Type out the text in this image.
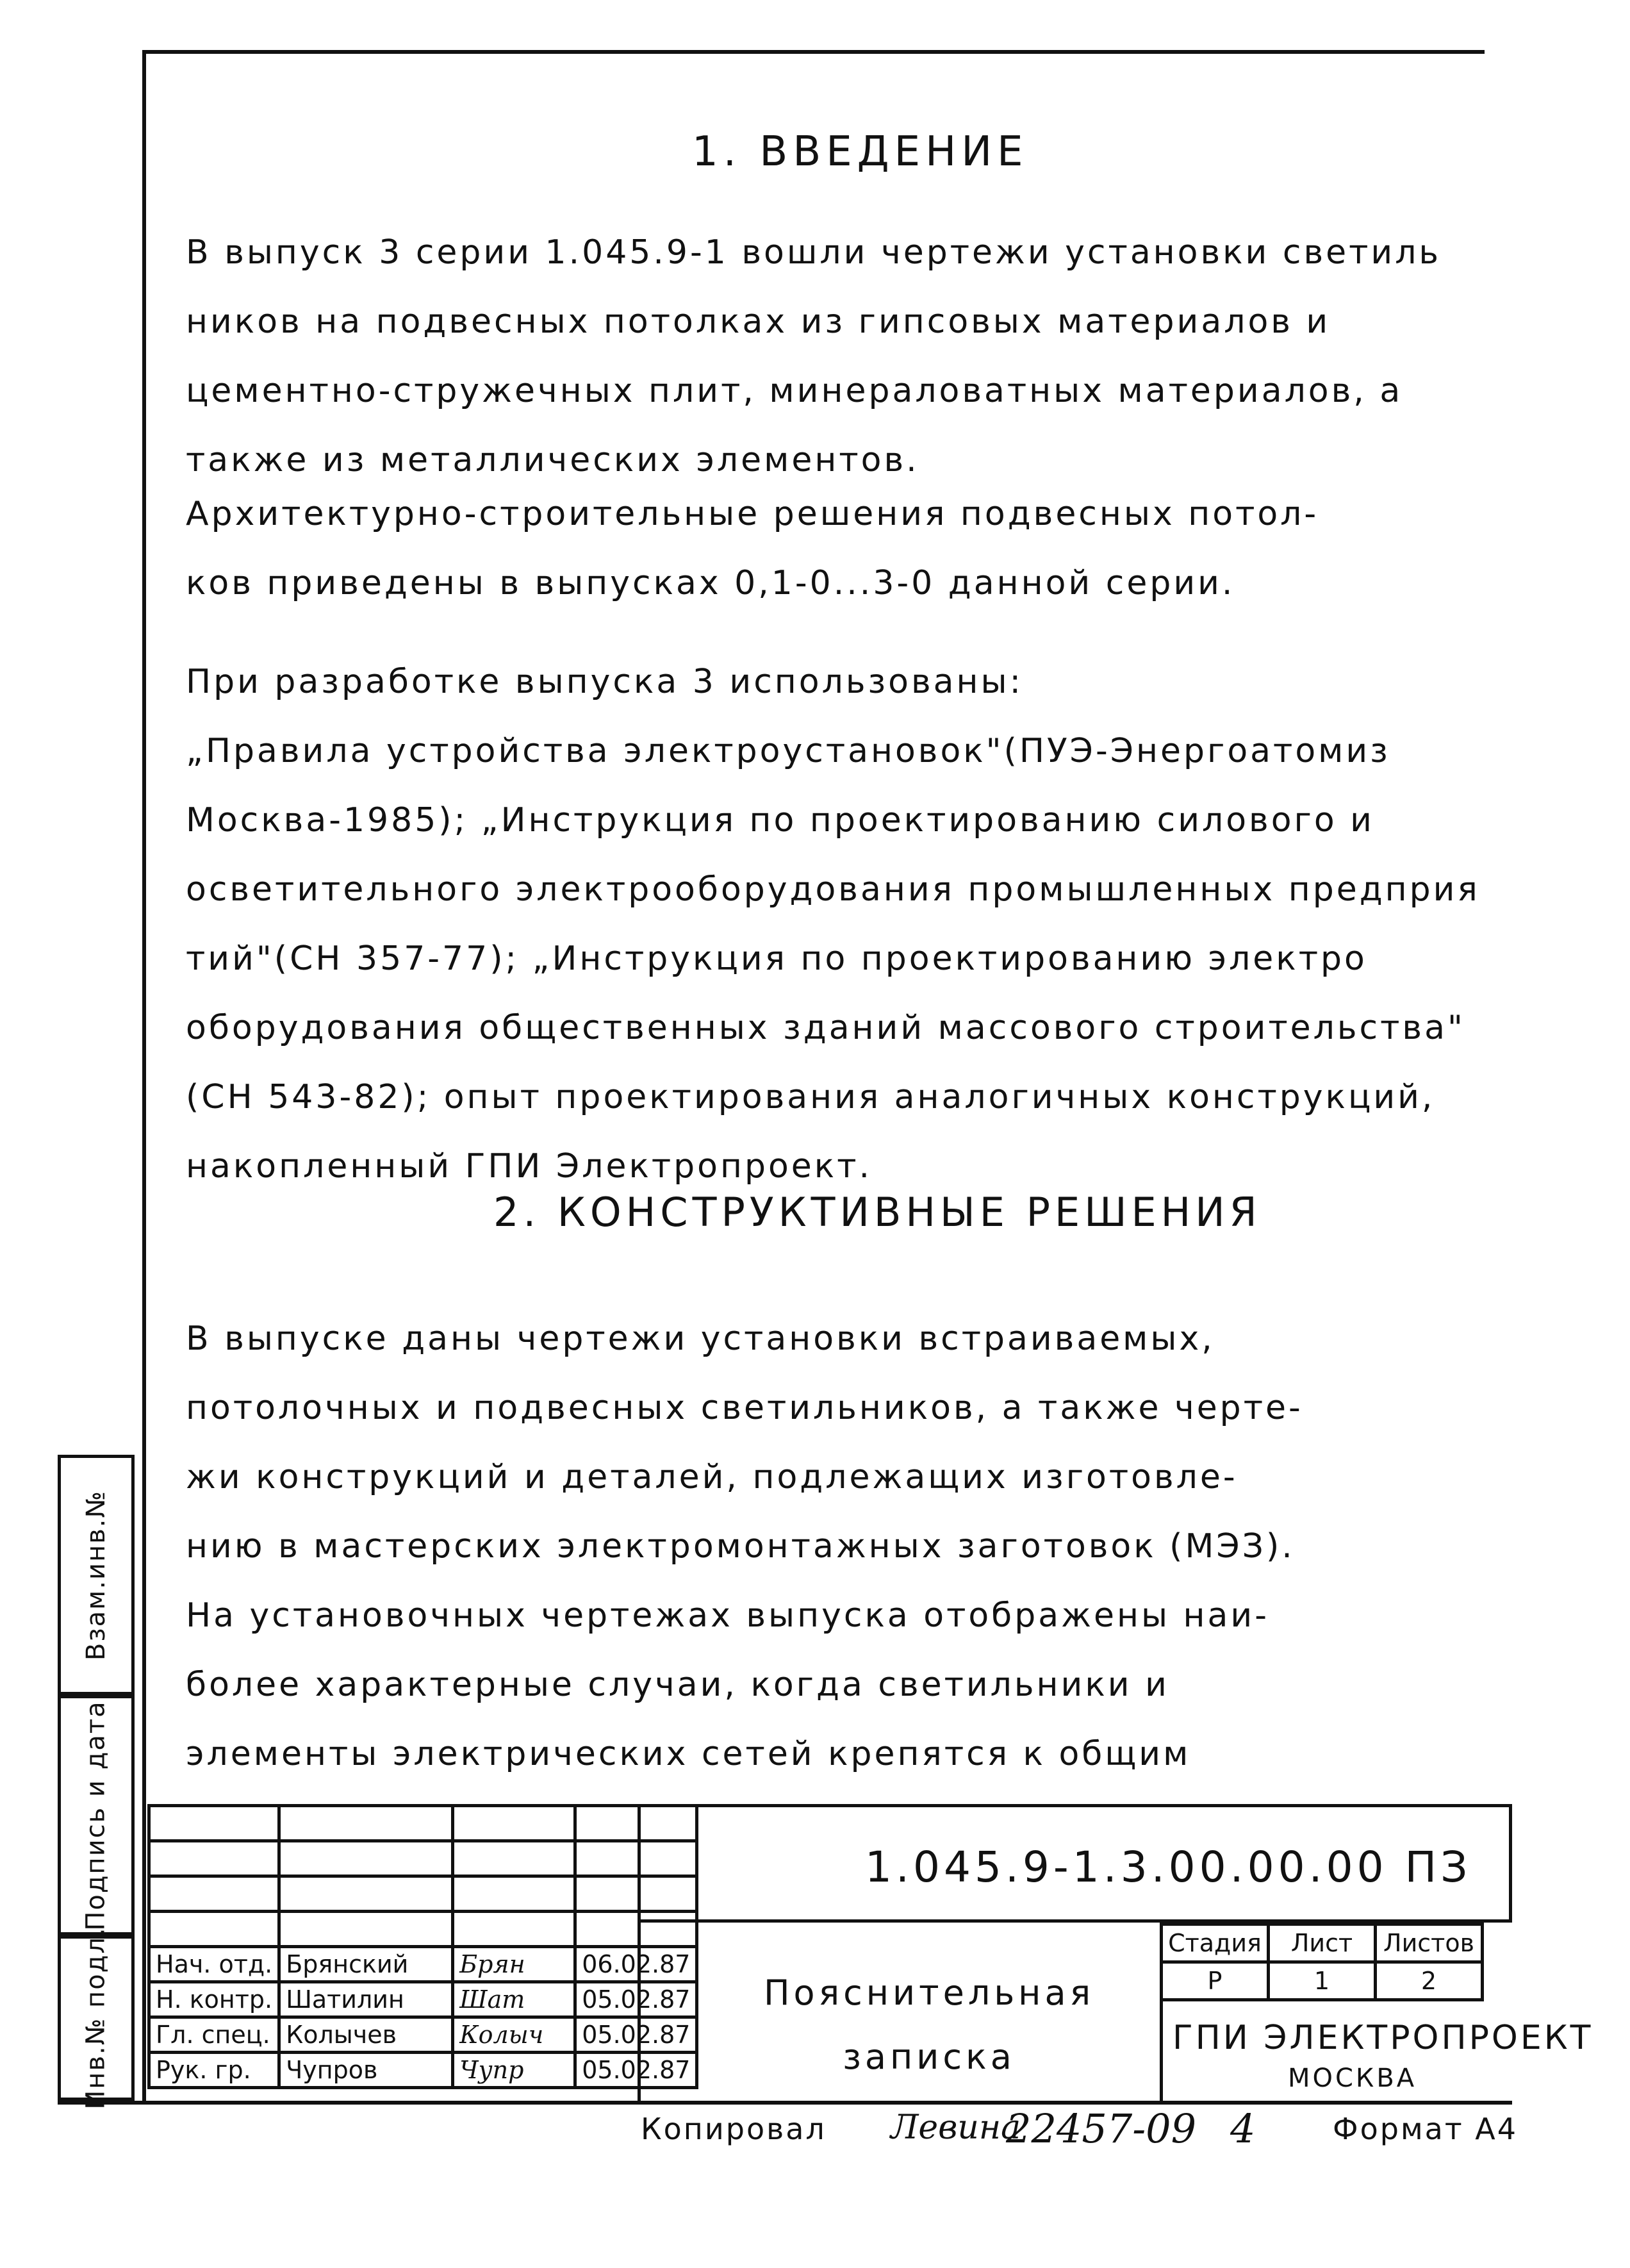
1. ВВЕДЕНИЕ
В выпуск 3 серии 1.045.9-1 вошли чертежи установки светиль
ников на подвесных потолках из гипсовых материалов и
цементно-стружечных плит, минераловатных материалов, а
также из металлических элементов.
Архитектурно-строительные решения подвесных потол-
ков приведены в выпусках 0,1-0...3-0 данной серии.
При разработке выпуска 3 использованы:
„Правила устройства электроустановок"(ПУЭ-Энергоатомиз
Москва-1985); „Инструкция по проектированию силового и
осветительного электрооборудования промышленных предприя
тий"(СН 357-77); „Инструкция по проектированию электро
оборудования общественных зданий массового строительства"
(СН 543-82); опыт проектирования аналогичных конструкций,
накопленный ГПИ Электропроект.
2. КОНСТРУКТИВНЫЕ РЕШЕНИЯ
В выпуске даны чертежи установки встраиваемых,
потолочных и подвесных светильников, а также черте-
жи конструкций и деталей, подлежащих изготовле-
нию в мастерских электромонтажных заготовок (МЭЗ).
На установочных чертежах выпуска отображены наи-
более характерные случаи, когда светильники и
элементы электрических сетей крепятся к общим
Взам.инв.№
Подпись и дата
Инв.№ подл.

			Нач. отд.	Брянский	Брян	06.02.87
Н. контр.	Шатилин	Шат	05.02.87
Гл. спец.	Колычев	Колыч	05.02.87
Рук. гр.	Чупров	Чупр	05.02.87
1.045.9-1.3.00.00.00 ПЗ
Пояснительная
записка
Стадия	Лист	Листов
Р	1	2
ГПИ ЭЛЕКТРОПРОЕКТ
МОСКВА
Копировал Левина
22457-09 4	Формат А4
